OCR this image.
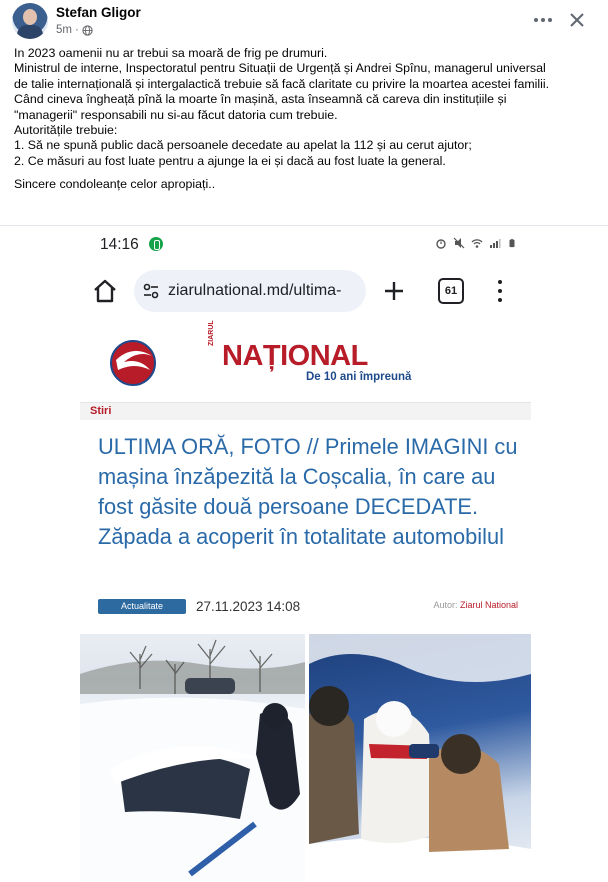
Stefan Gligor
5m ·

In 2023 oamenii nu ar trebui sa moară de frig pe drumuri.

Ministrul de interne, Inspectoratul pentru Situații de Urgență și Andrei Spînu, managerul universal

de talie internațională și intergalactică trebuie să facă claritate cu privire la moartea acestei familii.

Când cineva îngheață pînă la moarte în mașină, asta înseamnă că careva din instituțiile și

"managerii" responsabili nu si-au făcut datoria cum trebuie.

Autoritățile trebuie:

1. Să ne spună public dacă persoanele decedate au apelat la 112 și au cerut ajutor;

2. Ce măsuri au fost luate pentru a ajunge la ei și dacă au fost luate la general.

Sincere condoleanțe celor apropiați..

14:16
ziarulnational.md/ultima-	61
ZIARUL
NAȚIONAL
De 10 ani împreună
Stiri
ULTIMA ORĂ, FOTO // Primele IMAGINI cu mașina înzăpezită la Coșcalia, în care au fost găsite două persoane DECEDATE. Zăpada a acoperit în totalitate automobilul
Actualitate	27.11.2023 14:08	Autor: Ziarul National
